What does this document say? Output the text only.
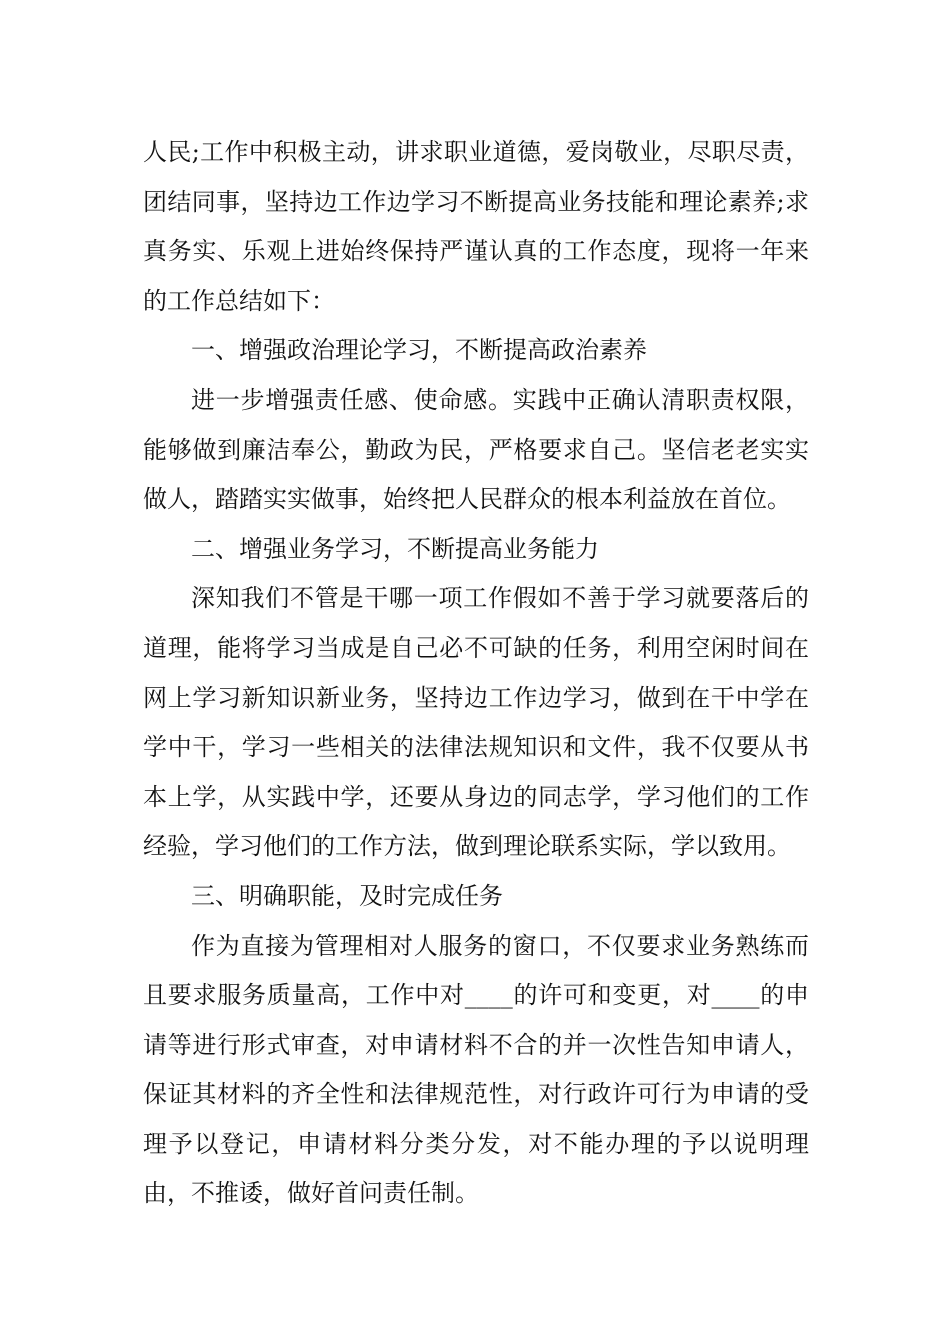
人民;工作中积极主动，讲求职业道德，爱岗敬业，尽职尽责，团结同事，坚持边工作边学习不断提高业务技能和理论素养;求真务实、乐观上进始终保持严谨认真的工作态度，现将一年来的工作总结如下：

一、增强政治理论学习，不断提高政治素养

进一步增强责任感、使命感。实践中正确认清职责权限，能够做到廉洁奉公，勤政为民，严格要求自己。坚信老老实实做人，踏踏实实做事，始终把人民群众的根本利益放在首位。

二、增强业务学习，不断提高业务能力

深知我们不管是干哪一项工作假如不善于学习就要落后的道理，能将学习当成是自己必不可缺的任务，利用空闲时间在网上学习新知识新业务，坚持边工作边学习，做到在干中学在学中干，学习一些相关的法律法规知识和文件，我不仅要从书本上学，从实践中学，还要从身边的同志学，学习他们的工作经验，学习他们的工作方法，做到理论联系实际，学以致用。

三、明确职能，及时完成任务

作为直接为管理相对人服务的窗口，不仅要求业务熟练而且要求服务质量高，工作中对____的许可和变更，对____的申请等进行形式审查，对申请材料不合的并一次性告知申请人，保证其材料的齐全性和法律规范性，对行政许可行为申请的受理予以登记，申请材料分类分发，对不能办理的予以说明理由，不推诿，做好首问责任制。
